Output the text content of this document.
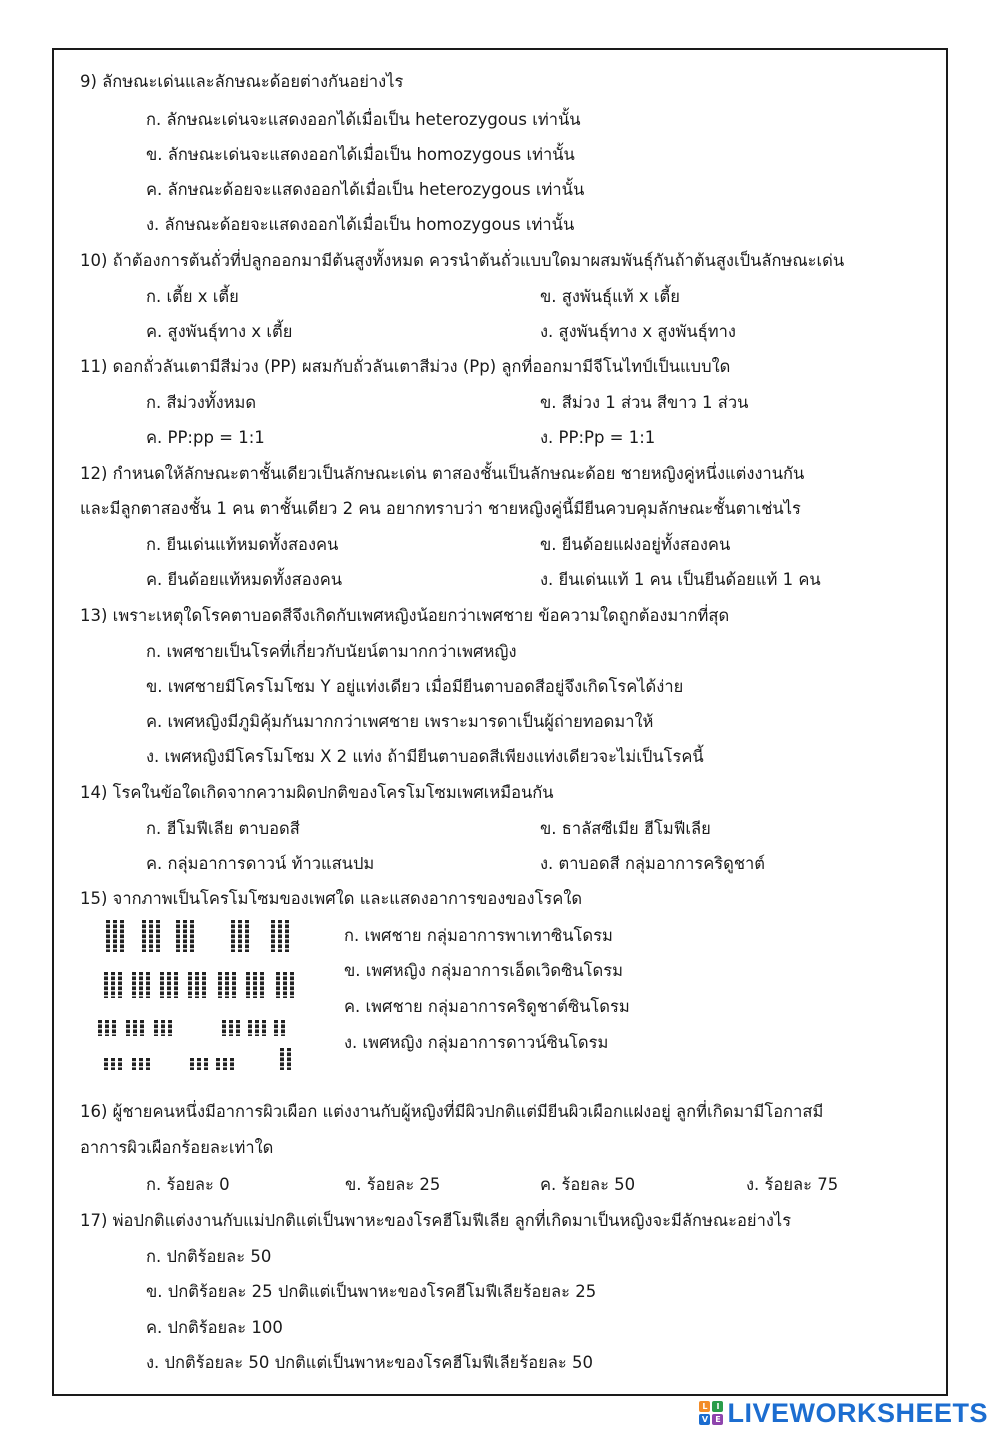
9) ลักษณะเด่นและลักษณะด้อยต่างกันอย่างไร
ก. ลักษณะเด่นจะแสดงออกได้เมื่อเป็น heterozygous เท่านั้น
ข. ลักษณะเด่นจะแสดงออกได้เมื่อเป็น homozygous เท่านั้น
ค. ลักษณะด้อยจะแสดงออกได้เมื่อเป็น heterozygous เท่านั้น
ง. ลักษณะด้อยจะแสดงออกได้เมื่อเป็น homozygous เท่านั้น
10) ถ้าต้องการต้นถั่วที่ปลูกออกมามีต้นสูงทั้งหมด ควรนำต้นถั่วแบบใดมาผสมพันธุ์กันถ้าต้นสูงเป็นลักษณะเด่น
ก. เตี้ย x เตี้ย	ข. สูงพันธุ์แท้ x เตี้ย
ค. สูงพันธุ์ทาง x เตี้ย	ง. สูงพันธุ์ทาง x สูงพันธุ์ทาง
11) ดอกถั่วลันเตามีสีม่วง (PP) ผสมกับถั่วลันเตาสีม่วง (Pp) ลูกที่ออกมามีจีโนไทป์เป็นแบบใด
ก. สีม่วงทั้งหมด	ข. สีม่วง 1 ส่วน สีขาว 1 ส่วน
ค. PP:pp = 1:1	ง. PP:Pp = 1:1
12) กำหนดให้ลักษณะตาชั้นเดียวเป็นลักษณะเด่น ตาสองชั้นเป็นลักษณะด้อย ชายหญิงคู่หนึ่งแต่งงานกัน
และมีลูกตาสองชั้น 1 คน ตาชั้นเดียว 2 คน อยากทราบว่า ชายหญิงคู่นี้มียีนควบคุมลักษณะชั้นตาเช่นไร
ก. ยีนเด่นแท้หมดทั้งสองคน	ข. ยีนด้อยแฝงอยู่ทั้งสองคน
ค. ยีนด้อยแท้หมดทั้งสองคน	ง. ยีนเด่นแท้ 1 คน เป็นยีนด้อยแท้ 1 คน
13) เพราะเหตุใดโรคตาบอดสีจึงเกิดกับเพศหญิงน้อยกว่าเพศชาย ข้อความใดถูกต้องมากที่สุด
ก. เพศชายเป็นโรคที่เกี่ยวกับนัยน์ตามากกว่าเพศหญิง
ข. เพศชายมีโครโมโซม Y อยู่แท่งเดียว เมื่อมียีนตาบอดสีอยู่จึงเกิดโรคได้ง่าย
ค. เพศหญิงมีภูมิคุ้มกันมากกว่าเพศชาย เพราะมารดาเป็นผู้ถ่ายทอดมาให้
ง. เพศหญิงมีโครโมโซม X 2 แท่ง ถ้ามียีนตาบอดสีเพียงแท่งเดียวจะไม่เป็นโรคนี้
14) โรคในข้อใดเกิดจากความผิดปกติของโครโมโซมเพศเหมือนกัน
ก. ฮีโมฟีเลีย ตาบอดสี	ข. ธาลัสซีเมีย ฮีโมฟีเลีย
ค. กลุ่มอาการดาวน์ ท้าวแสนปม	ง. ตาบอดสี กลุ่มอาการคริดูชาต์
15) จากภาพเป็นโครโมโซมของเพศใด และแสดงอาการของของโรคใด
ก. เพศชาย กลุ่มอาการพาเทาซินโดรม
ข. เพศหญิง กลุ่มอาการเอ็ดเวิดซินโดรม
ค. เพศชาย กลุ่มอาการคริดูชาต์ซินโดรม
ง. เพศหญิง กลุ่มอาการดาวน์ซินโดรม
16) ผู้ชายคนหนึ่งมีอาการผิวเผือก แต่งงานกับผู้หญิงที่มีผิวปกติแต่มียีนผิวเผือกแฝงอยู่ ลูกที่เกิดมามีโอกาสมี
อาการผิวเผือกร้อยละเท่าใด
ก. ร้อยละ 0	ข. ร้อยละ 25	ค. ร้อยละ 50	ง. ร้อยละ 75
17) พ่อปกติแต่งงานกับแม่ปกติแต่เป็นพาหะของโรคฮีโมฟีเลีย ลูกที่เกิดมาเป็นหญิงจะมีลักษณะอย่างไร
ก. ปกติร้อยละ 50
ข. ปกติร้อยละ 25 ปกติแต่เป็นพาหะของโรคฮีโมฟีเลียร้อยละ 25
ค. ปกติร้อยละ 100
ง. ปกติร้อยละ 50 ปกติแต่เป็นพาหะของโรคฮีโมฟีเลียร้อยละ 50
L	I
V E LIVEWORKSHEETS
